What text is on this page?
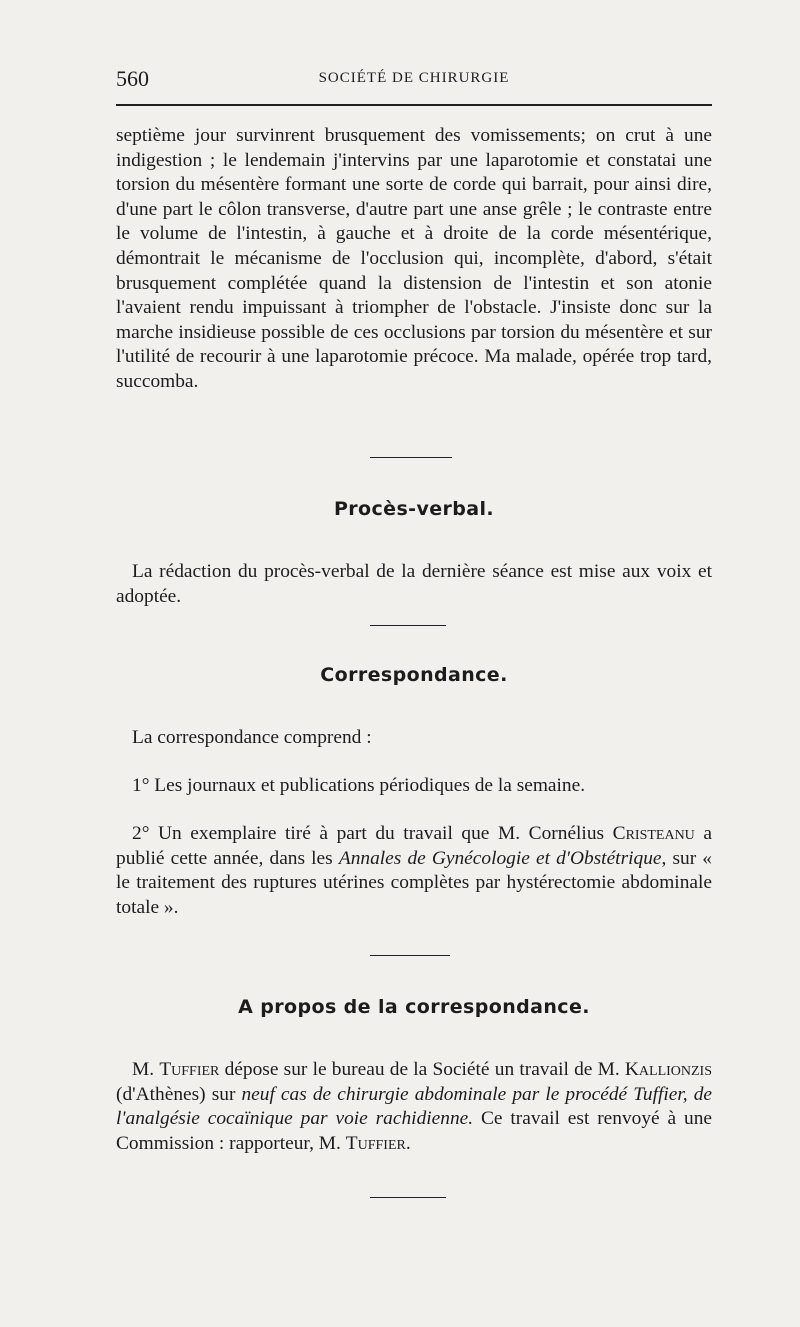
560	SOCIÉTÉ DE CHIRURGIE

septième jour survinrent brusquement des vomissements; on crut à une indigestion ; le lendemain j'intervins par une laparotomie et constatai une torsion du mésentère formant une sorte de corde qui barrait, pour ainsi dire, d'une part le côlon transverse, d'autre part une anse grêle ; le contraste entre le volume de l'intestin, à gauche et à droite de la corde mésentérique, démontrait le mécanisme de l'occlusion qui, incomplète, d'abord, s'était brusquement complétée quand la distension de l'intestin et son atonie l'avaient rendu impuissant à triompher de l'obstacle. J'insiste donc sur la marche insidieuse possible de ces occlusions par torsion du mésentère et sur l'utilité de recourir à une laparotomie précoce. Ma malade, opérée trop tard, succomba.

Procès-verbal.

La rédaction du procès-verbal de la dernière séance est mise aux voix et adoptée.

Correspondance.

La correspondance comprend :

1° Les journaux et publications périodiques de la semaine.

2° Un exemplaire tiré à part du travail que M. Cornélius Cristeanu a publié cette année, dans les Annales de Gynécologie et d'Obstétrique, sur « le traitement des ruptures utérines complètes par hystérectomie abdominale totale ».

A propos de la correspondance.

M. Tuffier dépose sur le bureau de la Société un travail de M. Kallionzis (d'Athènes) sur neuf cas de chirurgie abdominale par le procédé Tuffier, de l'analgésie cocaïnique par voie rachidienne. Ce travail est renvoyé à une Commission : rapporteur, M. Tuffier.
